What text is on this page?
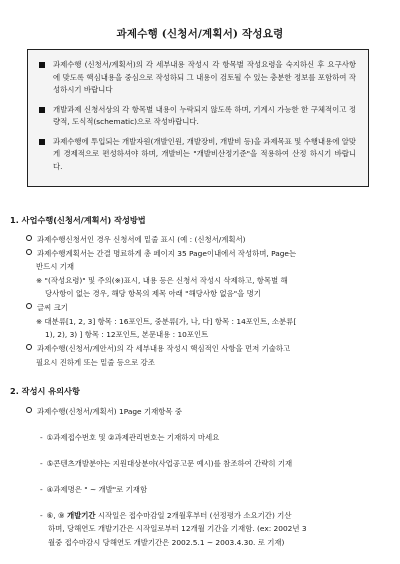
과제수행 (신청서/계획서) 작성요령
과제수행 (신청서/계획서)의 각 세부내용 작성시 각 항목별 작성요령을 숙지하신 후 요구사항에 맞도록 핵심내용을 중심으로 작성하되 그 내용이 검토될 수 있는 충분한 정보를 포함하여 작성하시기 바랍니다
개발과제 신청서상의 각 항목별 내용이 누락되지 않도록 하며, 기계시 가능한 한 구체적이고 정량적, 도식적(schematic)으로 작성바랍니다.
과제수행에 투입되는 개발자원(개발인원, 개발장비, 개발비 등)을 과제목표 및 수행내용에 알맞게 경제적으로 편성하셔야 하며, 개발비는 "개발비산정기준"을 적용하여 산정 하시기 바랍니다.
1. 사업수행(신청서/계획서) 작성방법
과제수행신청서인 경우 신청서에 밑줄 표시 (예 : (신청서/계획서)
과제수행계획서는 간결 명료하게 총 페이지 35 Page이내에서 작성하며, Page는
반드시 기재
※ "(작성요령)" 및 주의(※)표시, 내용 등은 신청서 작성시 삭제하고, 항목별 해
당사항이 없는 경우, 해당 항목의 제목 아래 "해당사항 없음"을 명기
글씨 크기
※ 대분류[1, 2, 3] 항목 : 16포인트, 중분류[가, 나, 다] 항목 : 14포인트, 소분류[
1), 2), 3) ] 항목 : 12포인트, 본문내용 : 10포인트
과제수행(신청서/계안서)의 각 세부내용 작성시 핵심적인 사항을 먼저 기술하고
필요시 진하게 또는 밑줄 등으로 강조
2. 작성시 유의사항
과제수행(신청서/계획서) 1Page 기재항목 중
- ①과제접수번호 및 ②과제관리번호는 기재하지 마세요
- ⑤콘텐츠개발분야는 지원대상분야(사업공고문 예시)를 참조하여 간략히 기재
- ④과제명은 " ~ 개발"로 기재함
- ⑥, ⑨ 개발기간 시작일은 접수마감일 2개월후부터 (선정평가 소요기간) 기산
하며, 당해연도 개발기간은 시작일로부터 12개월 기간을 기재함. (ex: 2002년 3
월중 접수마감시 당해연도 개발기간은 2002.5.1 ~ 2003.4.30. 로 기재)
